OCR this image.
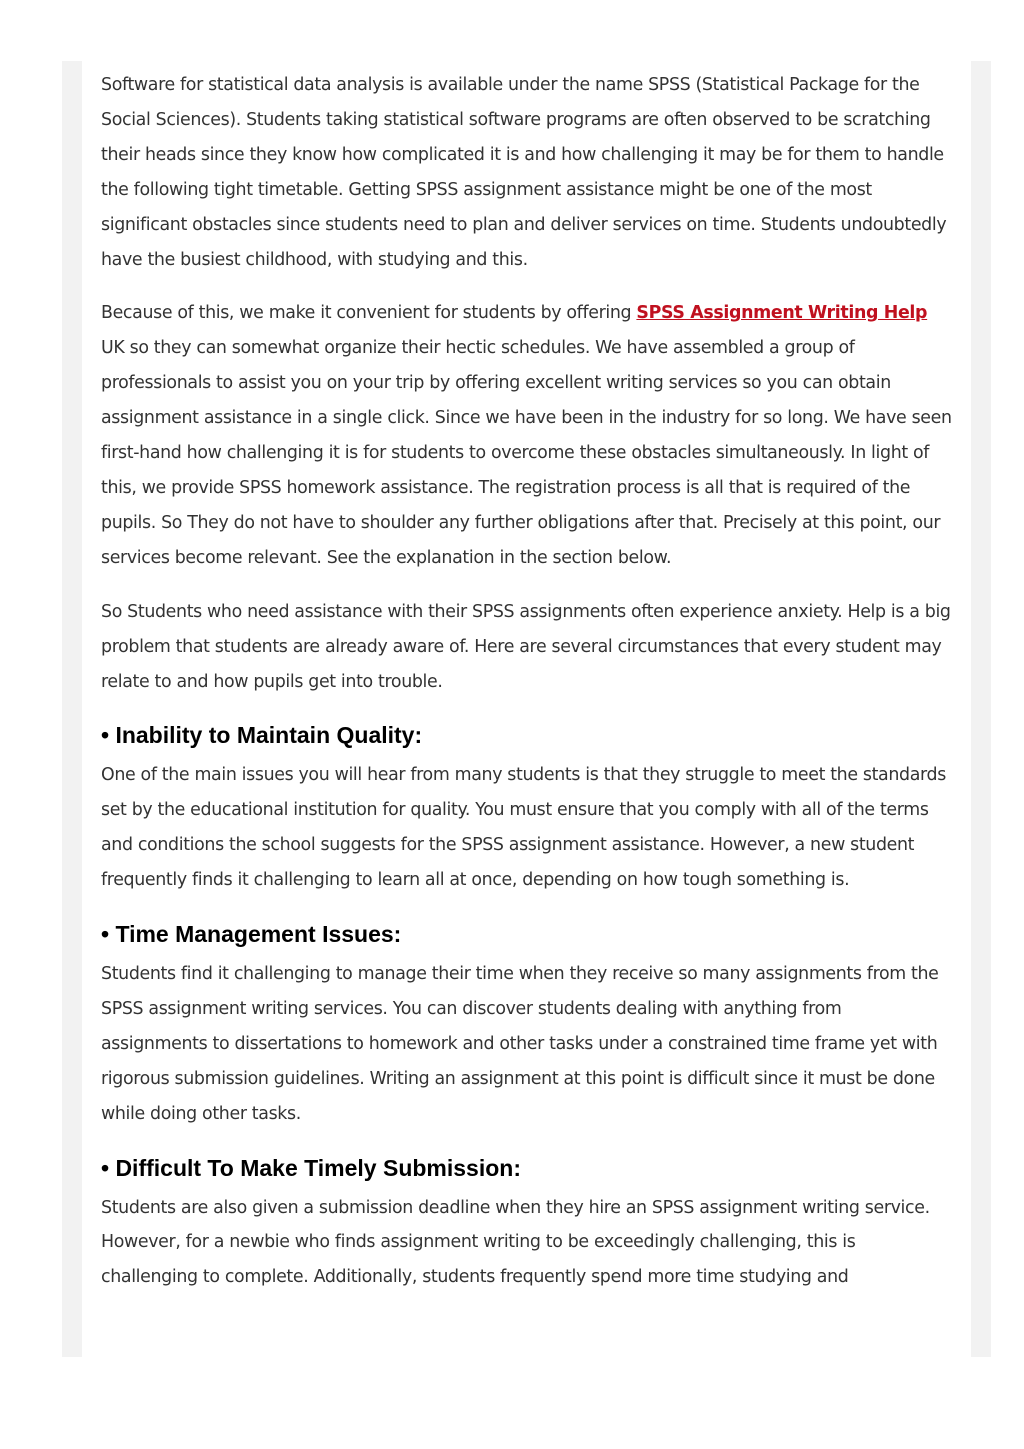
Software for statistical data analysis is available under the name SPSS (Statistical Package for the Social Sciences). Students taking statistical software programs are often observed to be scratching their heads since they know how complicated it is and how challenging it may be for them to handle the following tight timetable. Getting SPSS assignment assistance might be one of the most significant obstacles since students need to plan and deliver services on time. Students undoubtedly have the busiest childhood, with studying and this.

Because of this, we make it convenient for students by offering SPSS Assignment Writing Help UK so they can somewhat organize their hectic schedules. We have assembled a group of professionals to assist you on your trip by offering excellent writing services so you can obtain assignment assistance in a single click. Since we have been in the industry for so long. We have seen first-hand how challenging it is for students to overcome these obstacles simultaneously. In light of this, we provide SPSS homework assistance. The registration process is all that is required of the pupils. So They do not have to shoulder any further obligations after that. Precisely at this point, our services become relevant. See the explanation in the section below.

So Students who need assistance with their SPSS assignments often experience anxiety. Help is a big problem that students are already aware of. Here are several circumstances that every student may relate to and how pupils get into trouble.

• Inability to Maintain Quality:

One of the main issues you will hear from many students is that they struggle to meet the standards set by the educational institution for quality. You must ensure that you comply with all of the terms and conditions the school suggests for the SPSS assignment assistance. However, a new student frequently finds it challenging to learn all at once, depending on how tough something is.

• Time Management Issues:

Students find it challenging to manage their time when they receive so many assignments from the SPSS assignment writing services. You can discover students dealing with anything from assignments to dissertations to homework and other tasks under a constrained time frame yet with rigorous submission guidelines. Writing an assignment at this point is difficult since it must be done while doing other tasks.

• Difficult To Make Timely Submission:

Students are also given a submission deadline when they hire an SPSS assignment writing service. However, for a newbie who finds assignment writing to be exceedingly challenging, this is challenging to complete. Additionally, students frequently spend more time studying and
